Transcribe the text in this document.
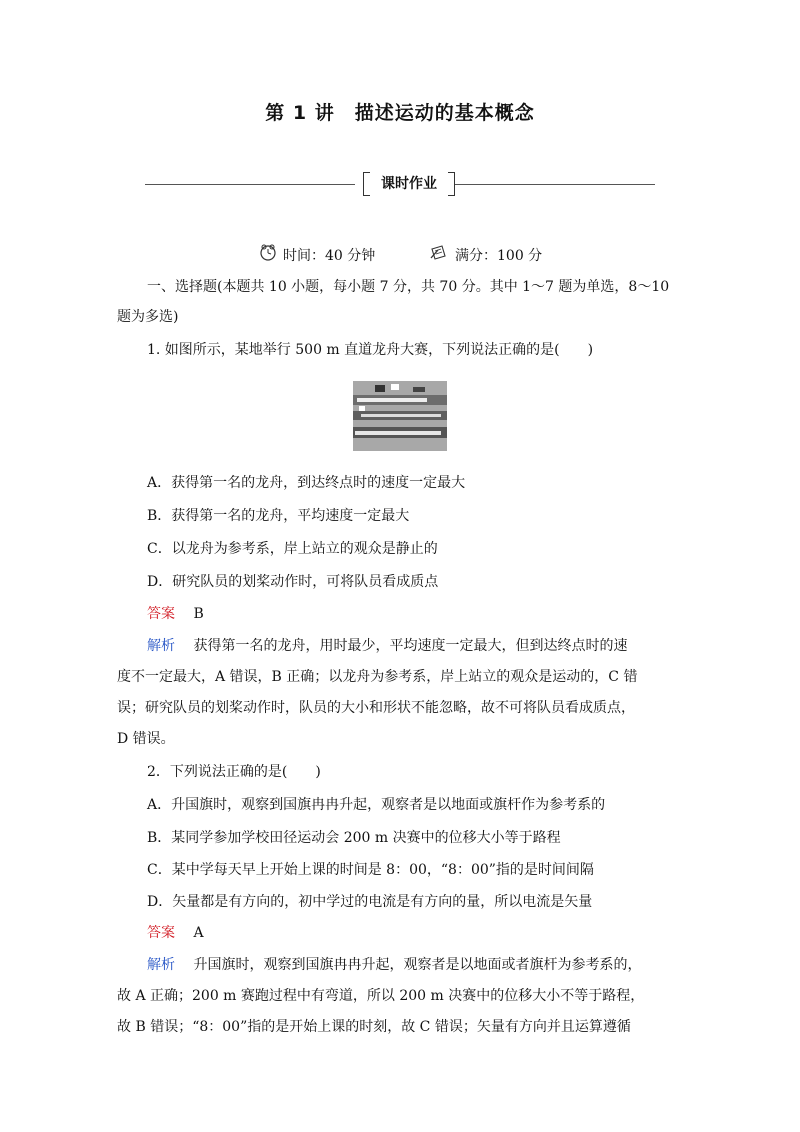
第 1 讲　描述运动的基本概念
课时作业
时间：40 分钟	满分：100 分
一、选择题(本题共 10 小题，每小题 7 分，共 70 分。其中 1～7 题为单选，8～10
题为多选)
1. 如图所示，某地举行 500 m 直道龙舟大赛，下列说法正确的是(　　)
A．获得第一名的龙舟，到达终点时的速度一定最大
B．获得第一名的龙舟，平均速度一定最大
C．以龙舟为参考系，岸上站立的观众是静止的
D．研究队员的划桨动作时，可将队员看成质点
答案 B
解析 获得第一名的龙舟，用时最少，平均速度一定最大，但到达终点时的速
度不一定最大，A 错误，B 正确；以龙舟为参考系，岸上站立的观众是运动的，C 错
误；研究队员的划桨动作时，队员的大小和形状不能忽略，故不可将队员看成质点，
D 错误。
2．下列说法正确的是(　　)
A．升国旗时，观察到国旗冉冉升起，观察者是以地面或旗杆作为参考系的
B．某同学参加学校田径运动会 200 m 决赛中的位移大小等于路程
C．某中学每天早上开始上课的时间是 8：00，“8：00”指的是时间间隔
D．矢量都是有方向的，初中学过的电流是有方向的量，所以电流是矢量
答案 A
解析 升国旗时，观察到国旗冉冉升起，观察者是以地面或者旗杆为参考系的，
故 A 正确；200 m 赛跑过程中有弯道，所以 200 m 决赛中的位移大小不等于路程，
故 B 错误；“8：00”指的是开始上课的时刻，故 C 错误；矢量有方向并且运算遵循
